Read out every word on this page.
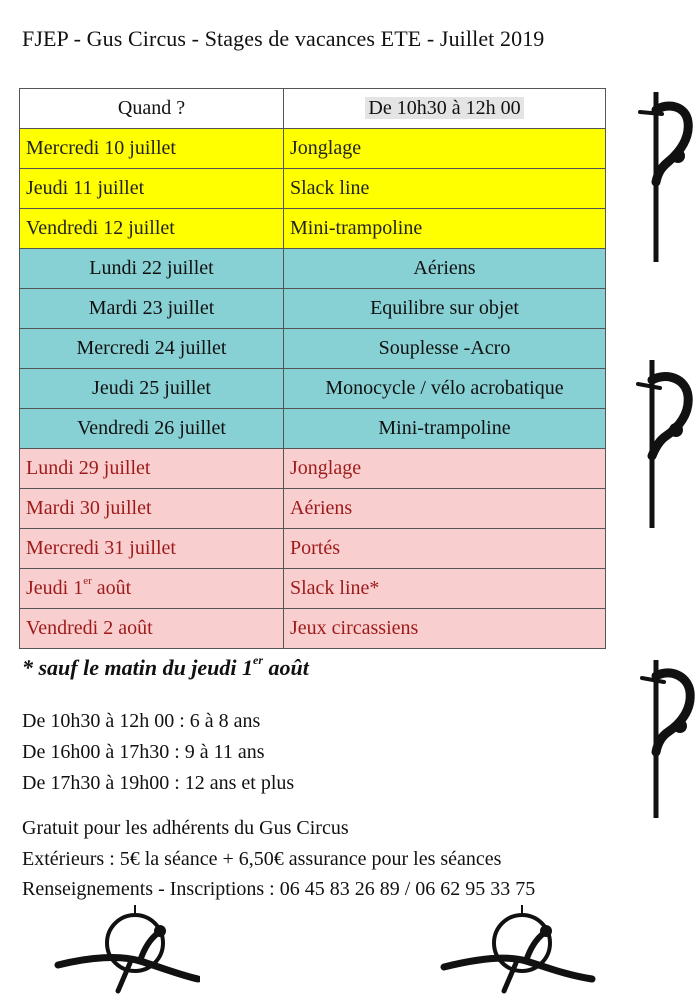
FJEP - Gus Circus - Stages de vacances ETE - Juillet 2019
Quand ?	De 10h30 à 12h 00
Mercredi 10 juillet	Jonglage
Jeudi 11 juillet	Slack line
Vendredi 12 juillet	Mini-trampoline
Lundi 22 juillet	Aériens
Mardi 23 juillet	Equilibre sur objet
Mercredi 24 juillet	Souplesse -Acro
Jeudi 25 juillet	Monocycle / vélo acrobatique
Vendredi 26 juillet	Mini-trampoline
Lundi 29 juillet	Jonglage
Mardi 30 juillet	Aériens
Mercredi 31 juillet	Portés
Jeudi 1er août	Slack line*
Vendredi 2 août	Jeux circassiens
* sauf le matin du jeudi 1er août
De 10h30 à 12h 00 : 6 à 8 ans
De 16h00 à 17h30 : 9 à 11 ans
De 17h30 à 19h00 : 12 ans et plus
Gratuit pour les adhérents du Gus Circus
Extérieurs : 5€ la séance + 6,50€ assurance pour les séances
Renseignements - Inscriptions : 06 45 83 26 89 / 06 62 95 33 75
